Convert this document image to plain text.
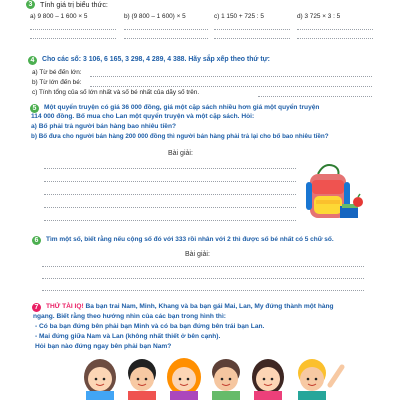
3	Tính giá trị biểu thức:
a) 9 800 – 1 600 × 5	b) (9 800 – 1 600) × 5	c) 1 150 + 725 : 5	d) 3 725 × 3 : 5
4	Cho các số: 3 106, 6 165, 3 298, 4 289, 4 388. Hãy sắp xếp theo thứ tự:
a) Từ bé đến lớn:
b) Từ lớn đến bé:
c) Tính tổng của số lớn nhất và số bé nhất của dãy số trên.
5	Một quyển truyện có giá 36 000 đồng, giá một cặp sách nhiều hơn giá một quyển truyện
114 000 đồng. Bố mua cho Lan một quyển truyện và một cặp sách. Hỏi:
a) Bố phải trả người bán hàng bao nhiêu tiền?
b) Bố đưa cho người bán hàng 200 000 đồng thì người bán hàng phải trả lại cho bố bao nhiêu tiền?
Bài giải:
6	Tìm một số, biết rằng nếu cộng số đó với 333 rồi nhân với 2 thì được số bé nhất có 5 chữ số.
Bài giải:
7	THỬ TÀI IQ! Ba bạn trai Nam, Minh, Khang và ba bạn gái Mai, Lan, My đứng thành một hàng
ngang. Biết rằng theo hướng nhìn của các bạn trong hình thì:
- Có ba bạn đứng bên phải bạn Minh và có ba bạn đứng bên trái bạn Lan.
- Mai đứng giữa Nam và Lan (không nhất thiết ở bên cạnh).
Hỏi bạn nào đứng ngay bên phải bạn Nam?
